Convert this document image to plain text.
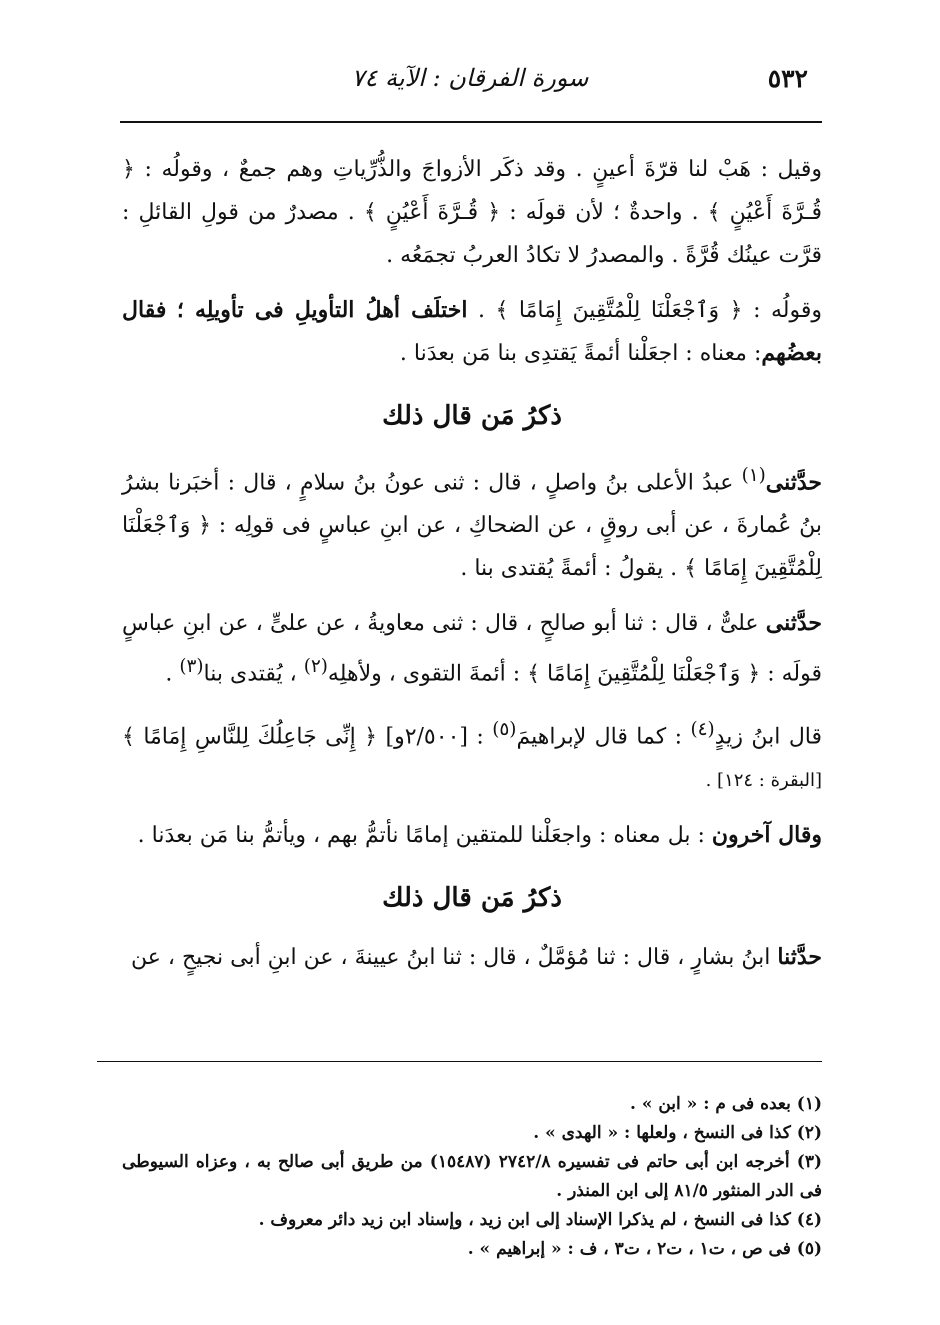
٥٣٢
سورة الفرقان : الآية ٧٤

وقيل : هَبْ لنا قرّةَ أعينٍ . وقد ذكَر الأزواجَ والذُّرِّياتِ وهم جمعٌ ، وقولُه : ﴿ قُـرَّةَ أَعْيُنٍ ﴾ . واحدةٌ ؛ لأن قولَه : ﴿ قُـرَّةَ أَعْيُنٍ ﴾ . مصدرٌ من قولِ القائلِ : قرَّت عينُك قُرَّةً . والمصدرُ لا تكادُ العربُ تجمَعُه .

وقولُه : ﴿ وَٱجْعَلْنَا لِلْمُتَّقِينَ إِمَامًا ﴾ . اختلَف أهلُ التأويلِ فى تأويلِه ؛ فقال بعضُهم: معناه : اجعَلْنا أئمةً يَقتدِى بنا مَن بعدَنا .

ذكرُ مَن قال ذلك

حدَّثنى$^{(١)}$ عبدُ الأعلى بنُ واصلٍ ، قال : ثنى عونُ بنُ سلامٍ ، قال : أخبَرنا بشرُ بنُ عُمارةَ ، عن أبى روقٍ ، عن الضحاكِ ، عن ابنِ عباسٍ فى قولِه : ﴿ وَٱجْعَلْنَا لِلْمُتَّقِينَ إِمَامًا ﴾ . يقولُ : أئمةً يُقتدى بنا .

حدَّثنى علىٌّ ، قال : ثنا أبو صالحٍ ، قال : ثنى معاويةُ ، عن علىٍّ ، عن ابنِ عباسٍ قولَه : ﴿ وَٱجْعَلْنَا لِلْمُتَّقِينَ إِمَامًا ﴾ : أئمةَ التقوى ، ولأهلِه$^{(٢)}$ ، يُقتدى بنا$^{(٣)}$ .

قال ابنُ زيدٍ$^{(٤)}$ : كما قال لإبراهيمَ$^{(٥)}$ : [٢/٥٠٠و] ﴿ إِنِّى جَاعِلُكَ لِلنَّاسِ إِمَامًا ﴾ [البقرة : ١٢٤] .

وقال آخرون : بل معناه : واجعَلْنا للمتقين إمامًا نأتمُّ بهم ، ويأتمُّ بنا مَن بعدَنا .

ذكرُ مَن قال ذلك

حدَّثنا ابنُ بشارٍ ، قال : ثنا مُؤمَّلٌ ، قال : ثنا ابنُ عيينةَ ، عن ابنِ أبى نجيحٍ ، عن

(١) بعده فى م : « ابن » .

(٢) كذا فى النسخ ، ولعلها : « الهدى » .

(٣) أخرجه ابن أبى حاتم فى تفسيره ٢٧٤٢/٨ (١٥٤٨٧) من طريق أبى صالح به ، وعزاه السيوطى فى الدر المنثور ٨١/٥ إلى ابن المنذر .

(٤) كذا فى النسخ ، لم يذكرا الإسناد إلى ابن زيد ، وإسناد ابن زيد دائر معروف .

(٥) فى ص ، ت١ ، ت٢ ، ت٣ ، ف : « إبراهيم » .
